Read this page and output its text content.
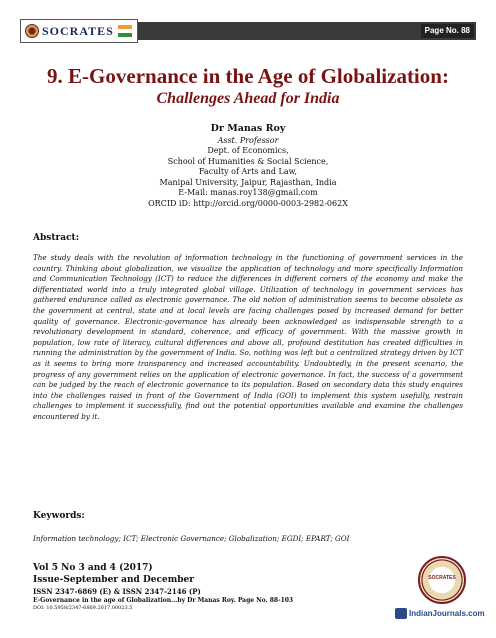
SOCRATES	Page No. 88
9. E-Governance in the Age of Globalization:
Challenges Ahead for India
Dr Manas Roy
Asst. Professor
Dept. of Economics,
School of Humanities & Social Science,
Faculty of Arts and Law,
Manipal University, Jaipur, Rajasthan, India
E-Mail: manas.roy138@gmail.com
ORCID iD: http://orcid.org/0000-0003-2982-062X
Abstract:

The study deals with the revolution of information technology in the functioning of government services in the country. Thinking about globalization, we visualize the application of technology and more specifically Information and Communication Technology (ICT) to reduce the differences in different corners of the economy and make the differentiated world into a truly integrated global village. Utilization of technology in government services has gathered endurance called as electronic governance. The old notion of administration seems to become obsolete as the government at central, state and at local levels are facing challenges posed by increased demand for better quality of governance. Electronic-governance has already been acknowledged as indispensable strength to a revolutionary development in standard, coherence, and efficacy of government. With the massive growth in population, low rate of literacy, cultural differences and above all, profound destitution has created difficulties in running the administration by the government of India. So, nothing was left but a centralized strategy driven by ICT as it seems to bring more transparency and increased accountability. Undoubtedly, in the present scenario, the progress of any government relies on the application of electronic governance. In fact, the success of a government can be judged by the reach of electronic governance to its population. Based on secondary data this study enquires into the challenges raised in front of the Government of India (GOI) to implement this system usefully, restrain challenges to implement it successfully, find out the potential opportunities available and examine the challenges encountered by it.

Keywords:

Information technology; ICT; Electronic Governance; Globalization; EGDI; EPART; GOI

Vol 5 No 3 and 4 (2017)
Issue-September and December
ISSN 2347-6869 (E) & ISSN 2347-2146 (P)
E-Governance in the age of Globalization...by Dr Manas Roy. Page No. 88-103
DOI: 10.5958/2347-6869.2017.00023.5
SOCRATES
IndianJournals.com
